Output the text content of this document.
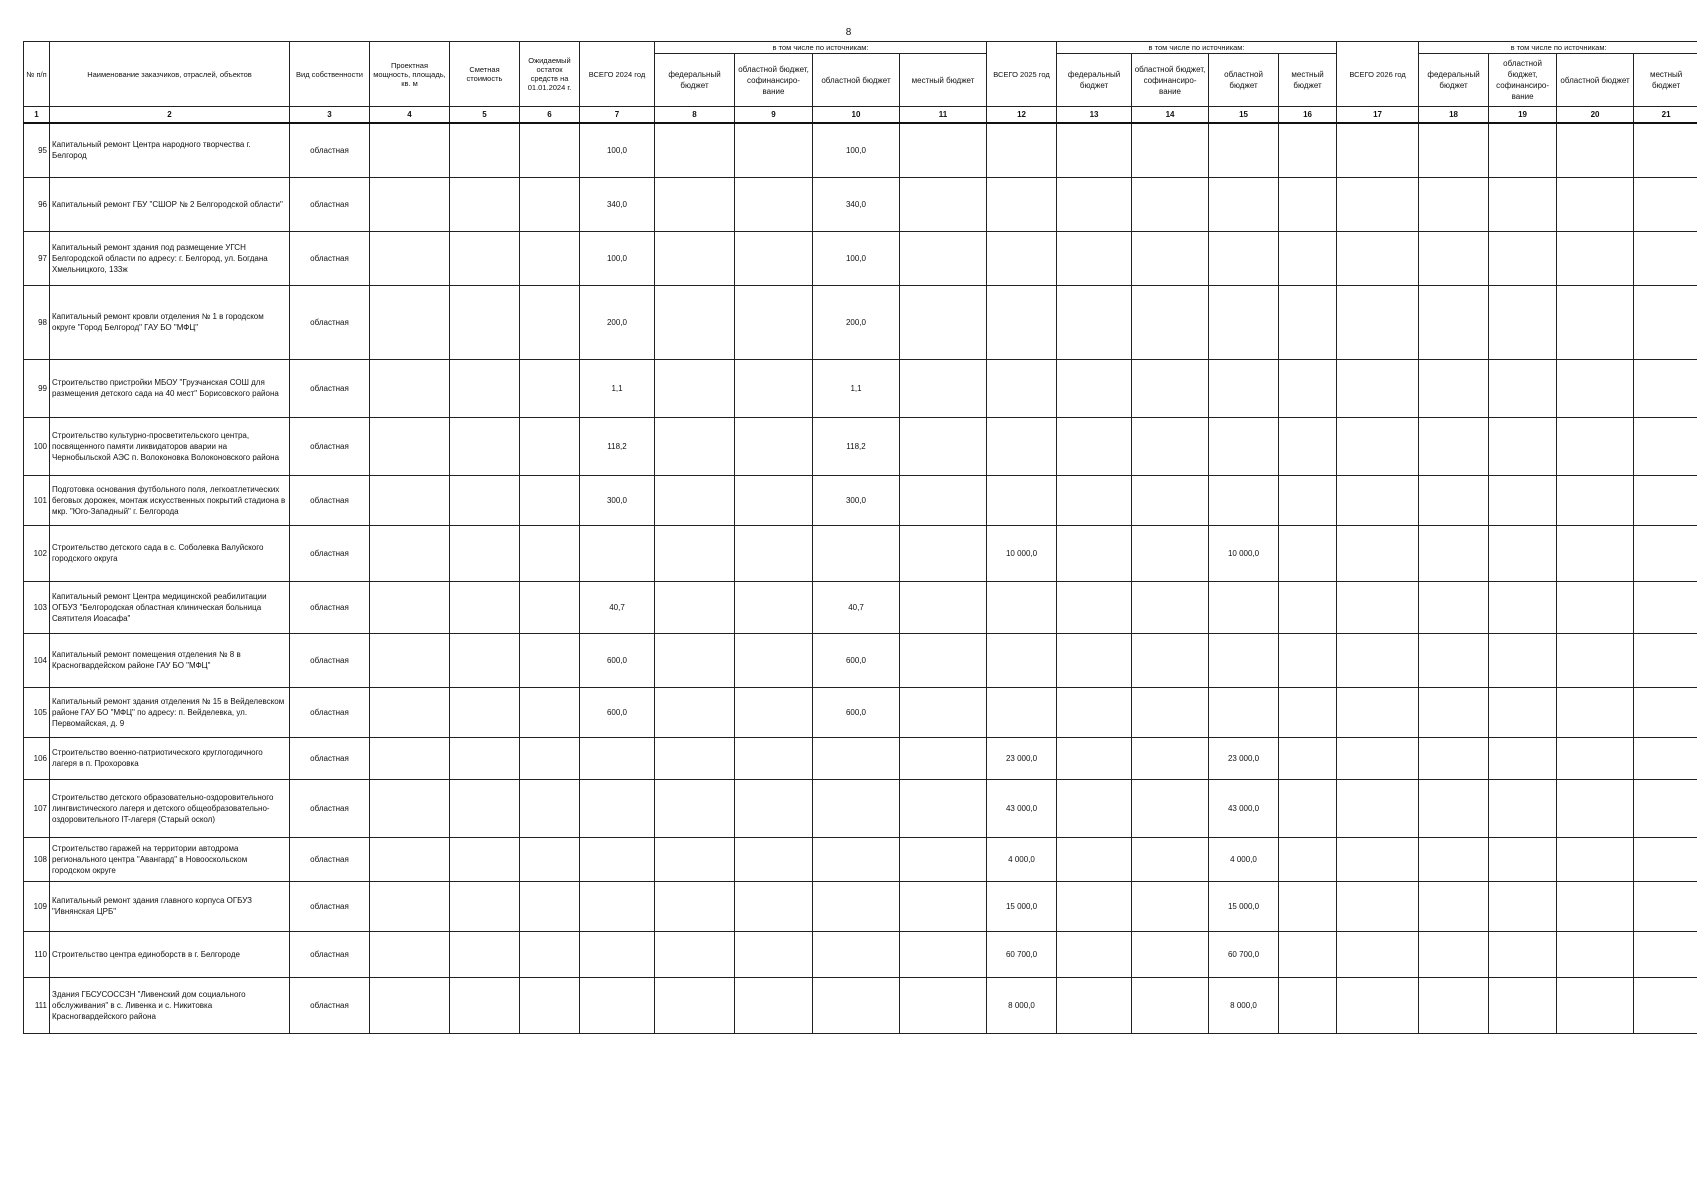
8
№ п/п	Наименование заказчиков, отраслей, объектов	Вид собственности	Проектная мощность, площадь, кв. м	Сметная стоимость	Ожидаемый остаток средств на 01.01.2024 г.	ВСЕГО 2024 год	в том числе по источникам:				ВСЕГО 2025 год	в том числе по источникам:				ВСЕГО 2026 год	в том числе по источникам:			
							федеральный бюджет	областной бюджет, софинансиро-вание	областной бюджет	местный бюджет		федеральный бюджет	областной бюджет, софинансиро-вание	областной бюджет	местный бюджет		федеральный бюджет	областной бюджет, софинансиро-вание	областной бюджет	местный бюджет
1	2	3	4	5	6	7	8	9	10	11	12	13	14	15	16	17	18	19	20	21
95	Капитальный ремонт Центра народного творчества г. Белгород	областная				100,0			100,0											
96	Капитальный ремонт ГБУ "СШОР № 2 Белгородской области"	областная				340,0			340,0											
97	Капитальный ремонт здания под размещение УГСН Белгородской области по адресу: г. Белгород, ул. Богдана Хмельницкого, 133ж	областная				100,0			100,0											
98	Капитальный ремонт кровли отделения № 1 в городском округе "Город Белгород" ГАУ БО "МФЦ"	областная				200,0			200,0											
99	Строительство пристройки МБОУ "Грузчанская СОШ для размещения детского сада на 40 мест" Борисовского района	областная				1,1			1,1											
100	Строительство культурно-просветительского центра, посвященного памяти ликвидаторов аварии на Чернобыльской АЭС п. Волоконовка Волоконовского района	областная				118,2			118,2											
101	Подготовка основания футбольного поля, легкоатлетических беговых дорожек, монтаж искусственных покрытий стадиона в мкр. "Юго-Западный" г. Белгорода	областная				300,0			300,0											
102	Строительство детского сада в с. Соболевка Валуйского городского округа	областная									10 000,0			10 000,0						
103	Капитальный ремонт Центра медицинской реабилитации ОГБУЗ "Белгородская областная клиническая больница Святителя Иоасафа"	областная				40,7			40,7											
104	Капитальный ремонт помещения отделения № 8 в Красногвардейском районе ГАУ БО "МФЦ"	областная				600,0			600,0											
105	Капитальный ремонт здания отделения № 15 в Вейделевском районе ГАУ БО "МФЦ" по адресу: п. Вейделевка, ул. Первомайская, д. 9	областная				600,0			600,0											
106	Строительство военно-патриотического круглогодичного лагеря в п. Прохоровка	областная									23 000,0			23 000,0						
107	Строительство детского образовательно-оздоровительного лингвистического лагеря и детского общеобразовательно-оздоровительного IT-лагеря (Старый оскол)	областная									43 000,0			43 000,0						
108	Строительство гаражей на территории автодрома регионального центра "Авангард" в Новооскольском городском округе	областная									4 000,0			4 000,0						
109	Капитальный ремонт здания главного корпуса ОГБУЗ "Ивнянская ЦРБ"	областная									15 000,0			15 000,0						
110	Строительство центра единоборств в г. Белгороде	областная									60 700,0			60 700,0						
111	Здания ГБСУСОССЗН "Ливенский дом социального обслуживания" в с. Ливенка и с. Никитовка Красногвардейского района	областная									8 000,0			8 000,0						
